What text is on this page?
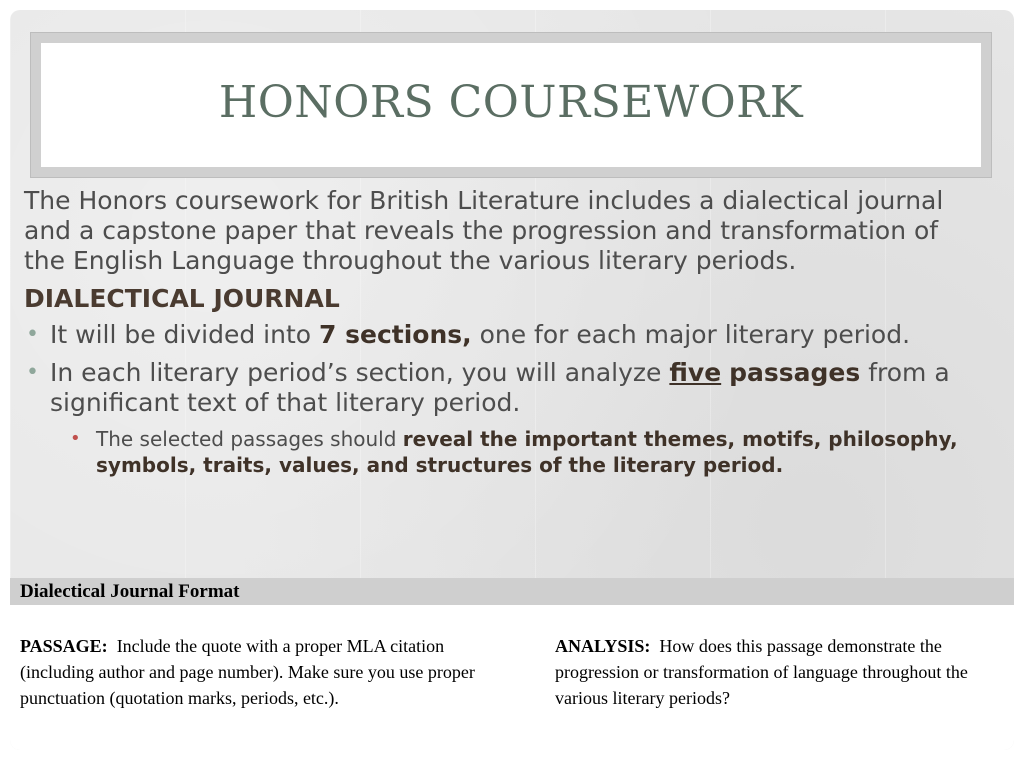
HONORS COURSEWORK

The Honors coursework for British Literature includes a dialectical journal and a capstone paper that reveals the progression and transformation of the English Language throughout the various literary periods.

DIALECTICAL JOURNAL
• It will be divided into 7 sections, one for each major literary period.
• In each literary period’s section, you will analyze five passages from a significant text of that literary period.
• The selected passages should reveal the important themes, motifs, philosophy, symbols, traits, values, and structures of the literary period.
Dialectical Journal Format
PASSAGE: Include the quote with a proper MLA citation (including author and page number). Make sure you use proper punctuation (quotation marks, periods, etc.).
ANALYSIS: How does this passage demonstrate the progression or transformation of language throughout the various literary periods?
